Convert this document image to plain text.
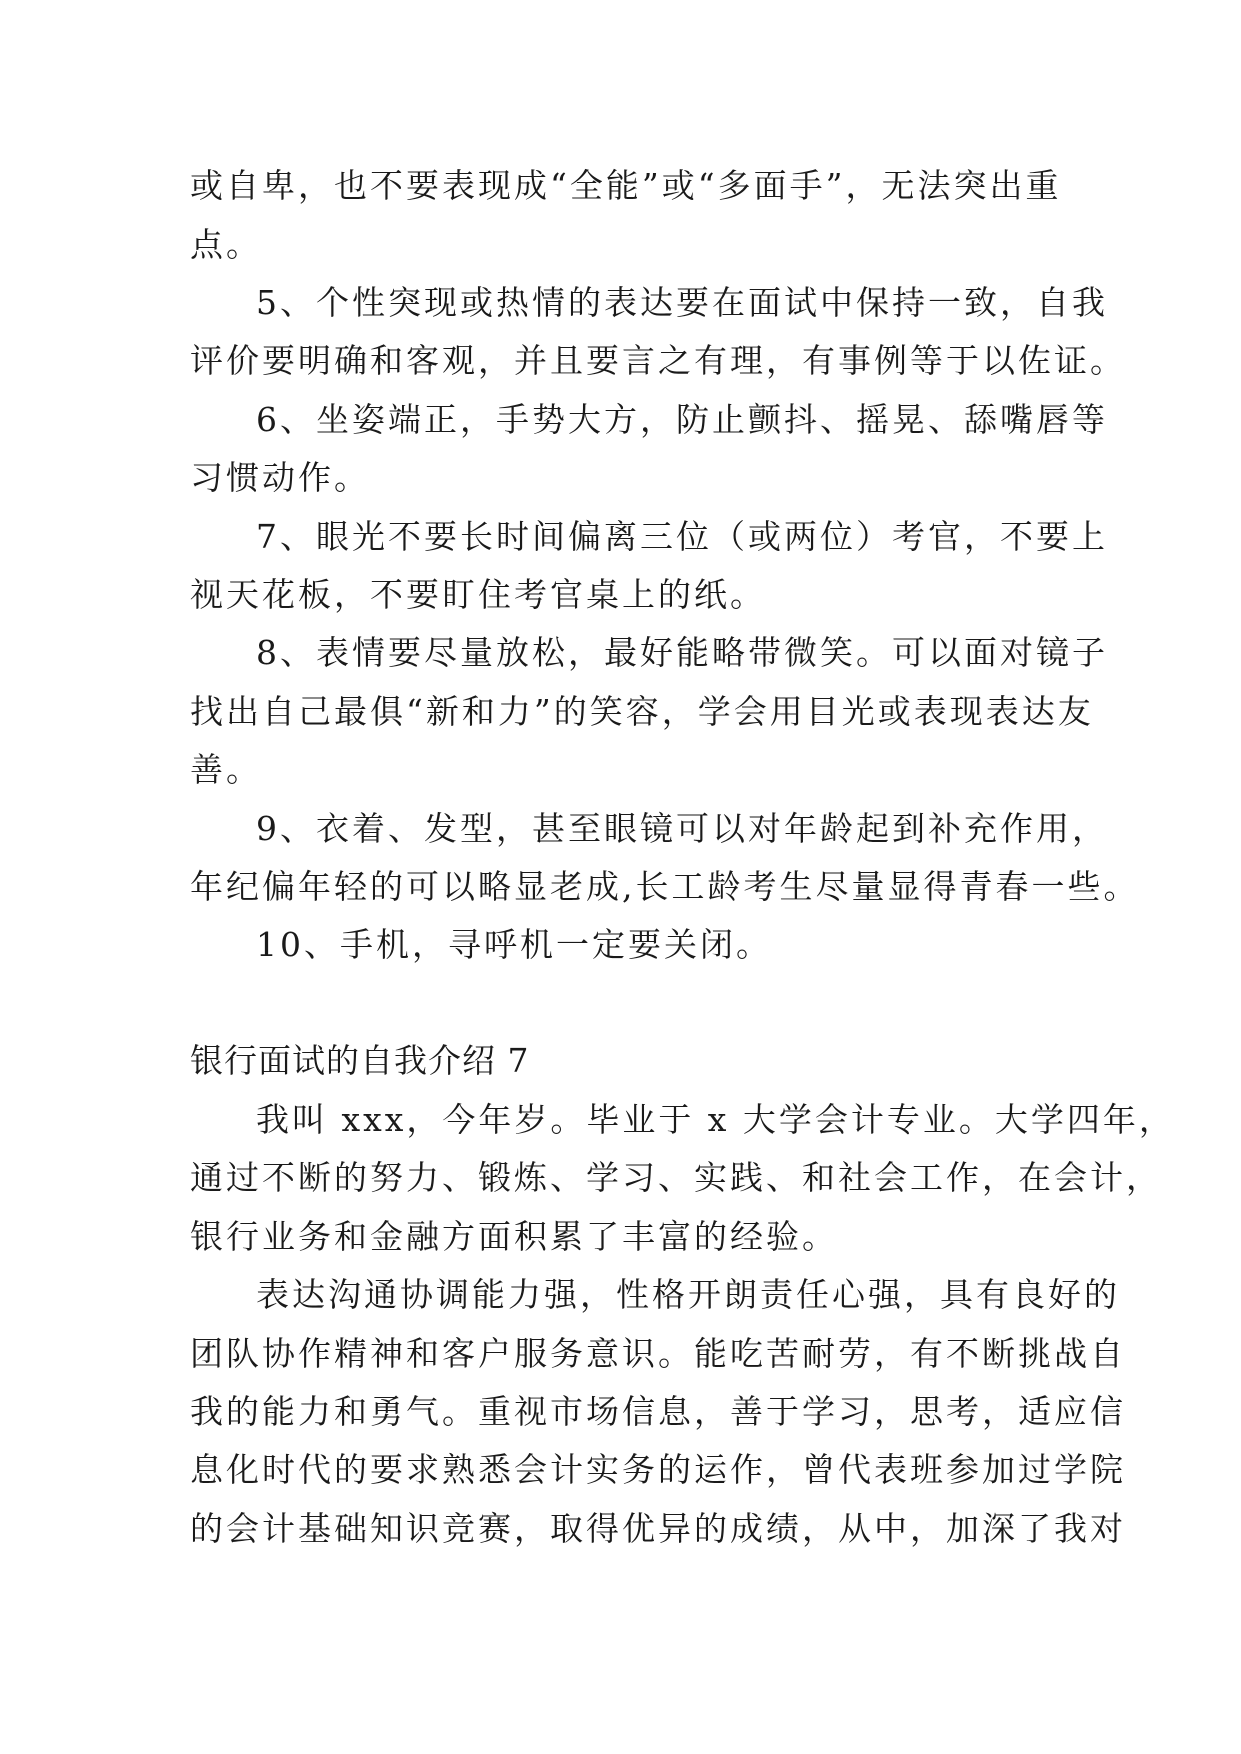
或自卑，也不要表现成“全能”或“多面手”，无法突出重
点。
5、个性突现或热情的表达要在面试中保持一致，自我
评价要明确和客观，并且要言之有理，有事例等于以佐证。
6、坐姿端正，手势大方，防止颤抖、摇晃、舔嘴唇等
习惯动作。
7、眼光不要长时间偏离三位（或两位）考官，不要上
视天花板，不要盯住考官桌上的纸。
8、表情要尽量放松，最好能略带微笑。可以面对镜子
找出自己最俱“新和力”的笑容，学会用目光或表现表达友
善。
9、衣着、发型，甚至眼镜可以对年龄起到补充作用，
年纪偏年轻的可以略显老成,长工龄考生尽量显得青春一些。
10、手机，寻呼机一定要关闭。
银行面试的自我介绍 7
我叫 xxx，今年岁。毕业于 x 大学会计专业。大学四年，
通过不断的努力、锻炼、学习、实践、和社会工作，在会计，
银行业务和金融方面积累了丰富的经验。
表达沟通协调能力强，性格开朗责任心强，具有良好的
团队协作精神和客户服务意识。能吃苦耐劳，有不断挑战自
我的能力和勇气。重视市场信息，善于学习，思考，适应信
息化时代的要求熟悉会计实务的运作，曾代表班参加过学院
的会计基础知识竞赛，取得优异的成绩，从中，加深了我对
